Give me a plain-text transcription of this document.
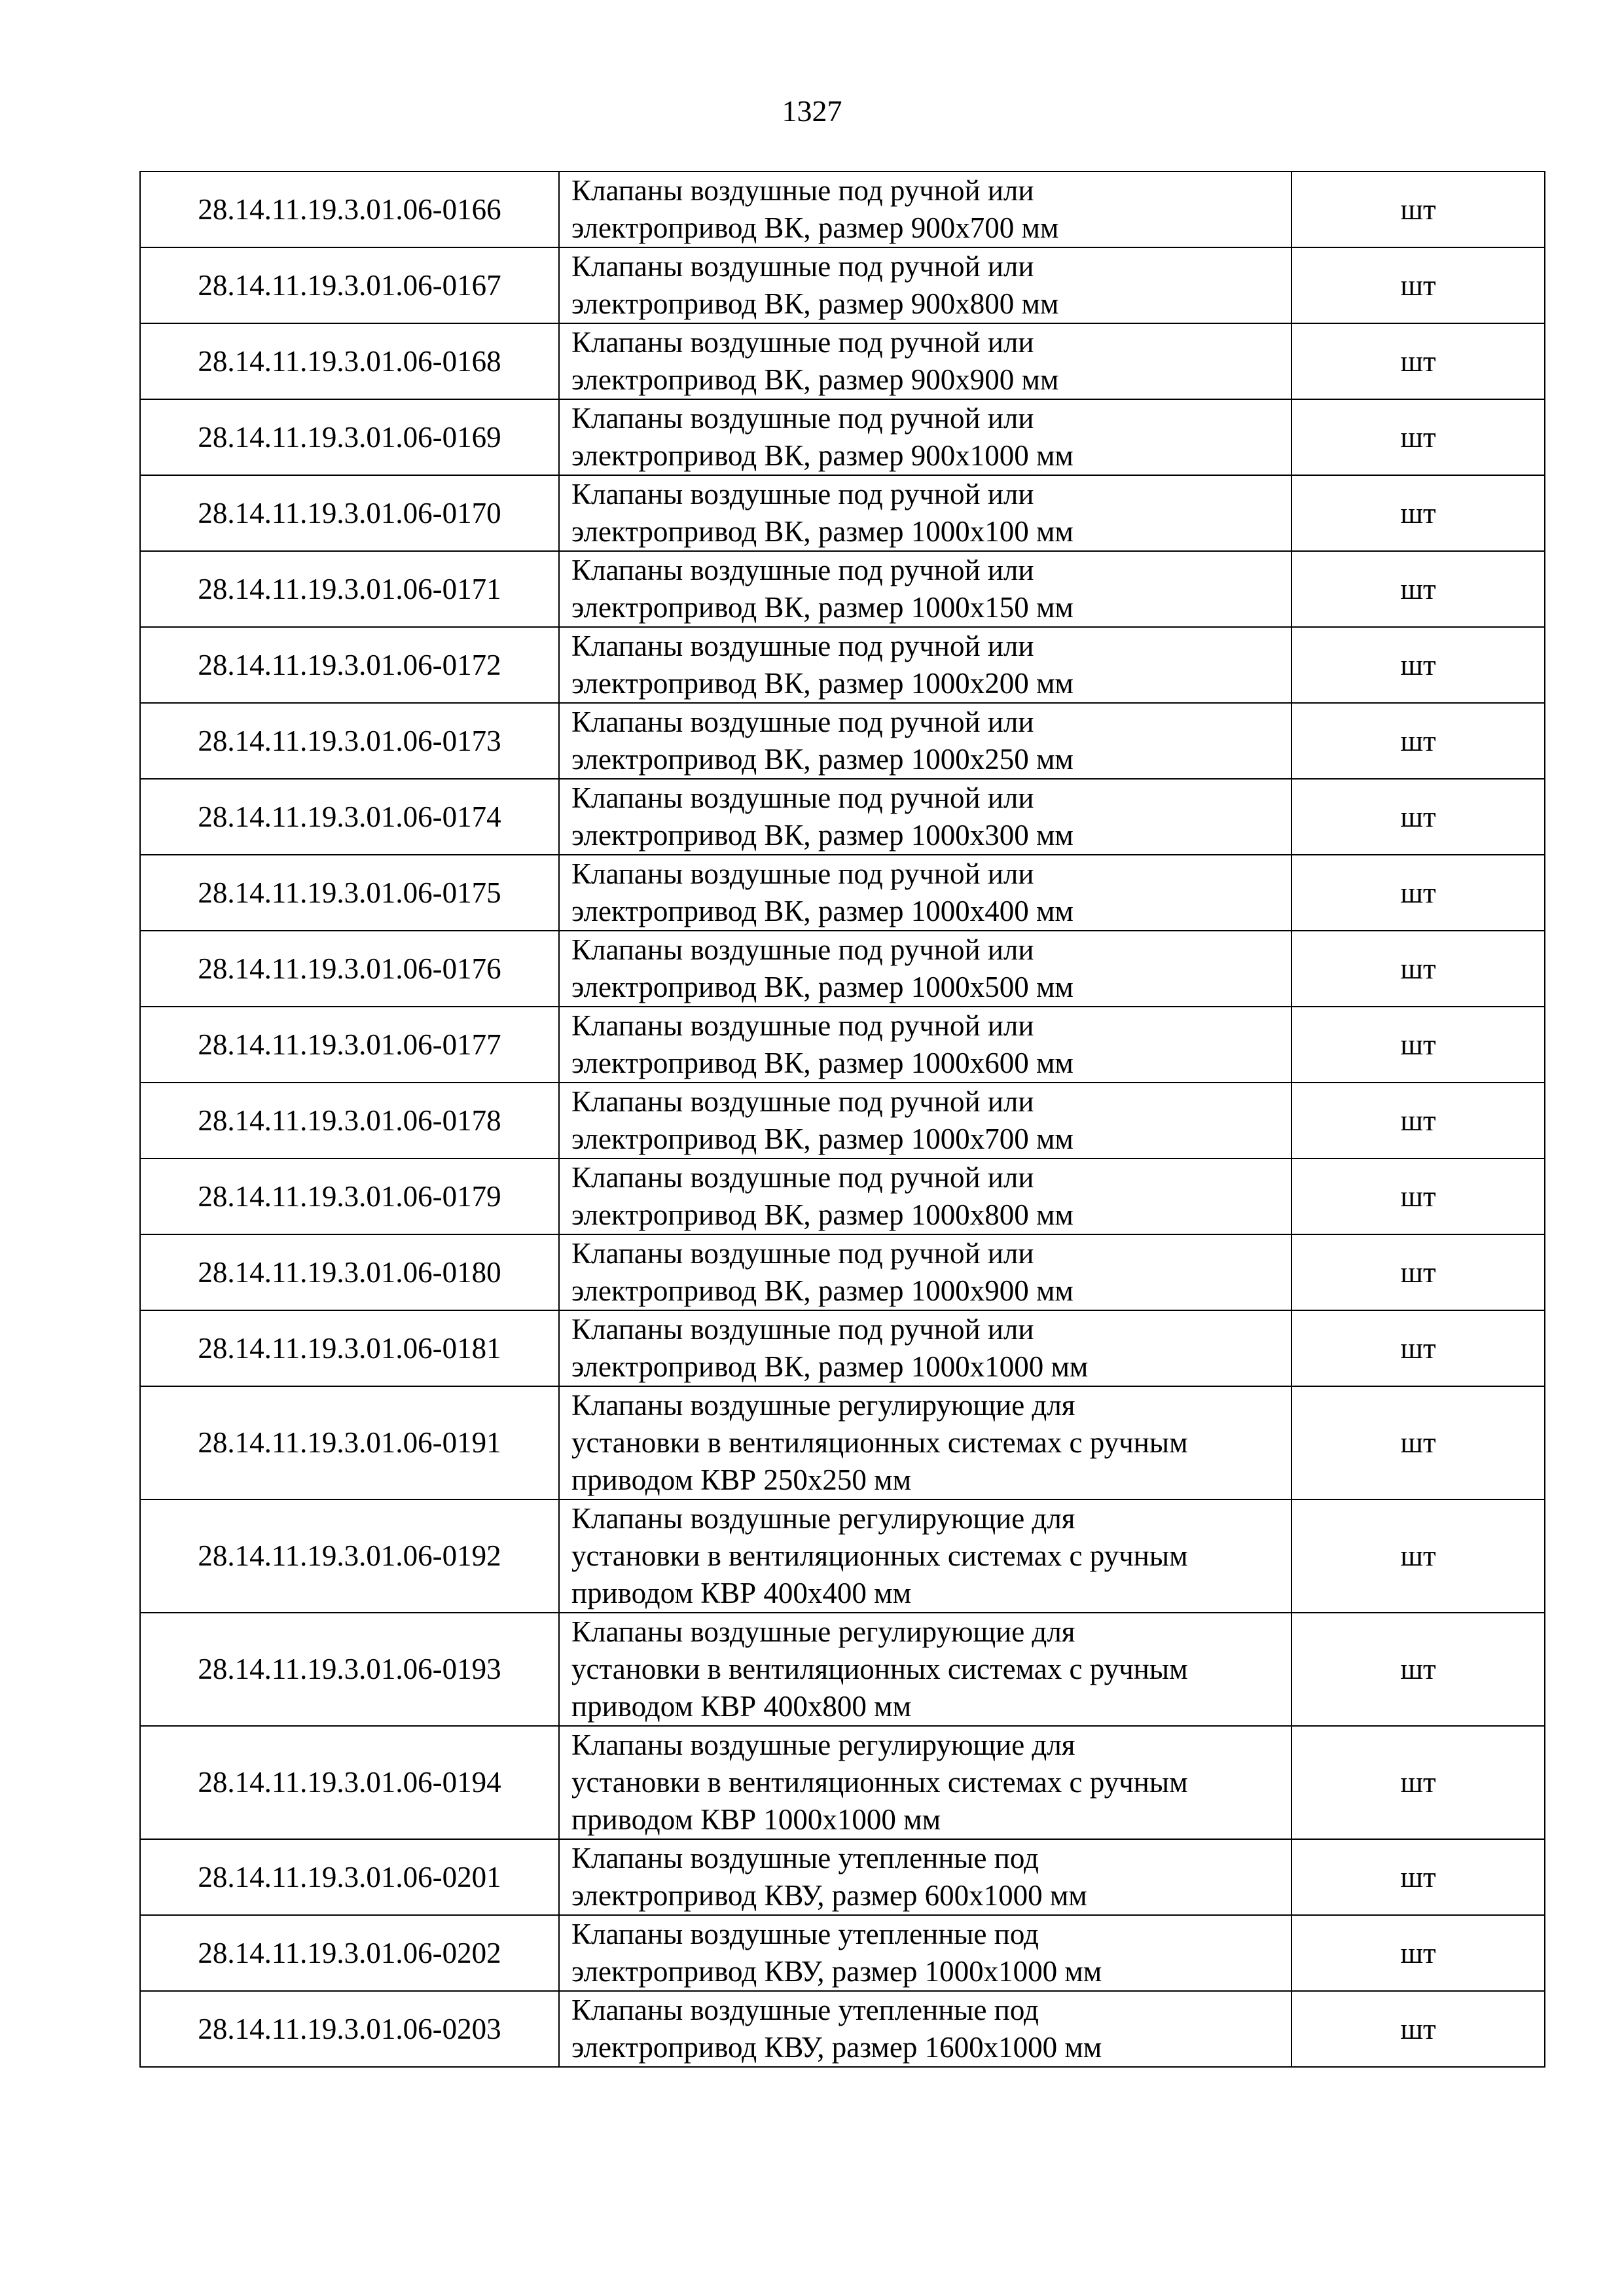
1327
28.14.11.19.3.01.06-0166	Клапаны воздушные под ручной или
электропривод ВК, размер 900х700 мм	шт
28.14.11.19.3.01.06-0167	Клапаны воздушные под ручной или
электропривод ВК, размер 900х800 мм	шт
28.14.11.19.3.01.06-0168	Клапаны воздушные под ручной или
электропривод ВК, размер 900х900 мм	шт
28.14.11.19.3.01.06-0169	Клапаны воздушные под ручной или
электропривод ВК, размер 900х1000 мм	шт
28.14.11.19.3.01.06-0170	Клапаны воздушные под ручной или
электропривод ВК, размер 1000х100 мм	шт
28.14.11.19.3.01.06-0171	Клапаны воздушные под ручной или
электропривод ВК, размер 1000х150 мм	шт
28.14.11.19.3.01.06-0172	Клапаны воздушные под ручной или
электропривод ВК, размер 1000х200 мм	шт
28.14.11.19.3.01.06-0173	Клапаны воздушные под ручной или
электропривод ВК, размер 1000х250 мм	шт
28.14.11.19.3.01.06-0174	Клапаны воздушные под ручной или
электропривод ВК, размер 1000х300 мм	шт
28.14.11.19.3.01.06-0175	Клапаны воздушные под ручной или
электропривод ВК, размер 1000х400 мм	шт
28.14.11.19.3.01.06-0176	Клапаны воздушные под ручной или
электропривод ВК, размер 1000х500 мм	шт
28.14.11.19.3.01.06-0177	Клапаны воздушные под ручной или
электропривод ВК, размер 1000х600 мм	шт
28.14.11.19.3.01.06-0178	Клапаны воздушные под ручной или
электропривод ВК, размер 1000х700 мм	шт
28.14.11.19.3.01.06-0179	Клапаны воздушные под ручной или
электропривод ВК, размер 1000х800 мм	шт
28.14.11.19.3.01.06-0180	Клапаны воздушные под ручной или
электропривод ВК, размер 1000х900 мм	шт
28.14.11.19.3.01.06-0181	Клапаны воздушные под ручной или
электропривод ВК, размер 1000х1000 мм	шт
28.14.11.19.3.01.06-0191	Клапаны воздушные регулирующие для
установки в вентиляционных системах с ручным
приводом КВР 250х250 мм	шт
28.14.11.19.3.01.06-0192	Клапаны воздушные регулирующие для
установки в вентиляционных системах с ручным
приводом КВР 400х400 мм	шт
28.14.11.19.3.01.06-0193	Клапаны воздушные регулирующие для
установки в вентиляционных системах с ручным
приводом КВР 400х800 мм	шт
28.14.11.19.3.01.06-0194	Клапаны воздушные регулирующие для
установки в вентиляционных системах с ручным
приводом КВР 1000х1000 мм	шт
28.14.11.19.3.01.06-0201	Клапаны воздушные утепленные под
электропривод КВУ, размер 600х1000 мм	шт
28.14.11.19.3.01.06-0202	Клапаны воздушные утепленные под
электропривод КВУ, размер 1000х1000 мм	шт
28.14.11.19.3.01.06-0203	Клапаны воздушные утепленные под
электропривод КВУ, размер 1600х1000 мм	шт
